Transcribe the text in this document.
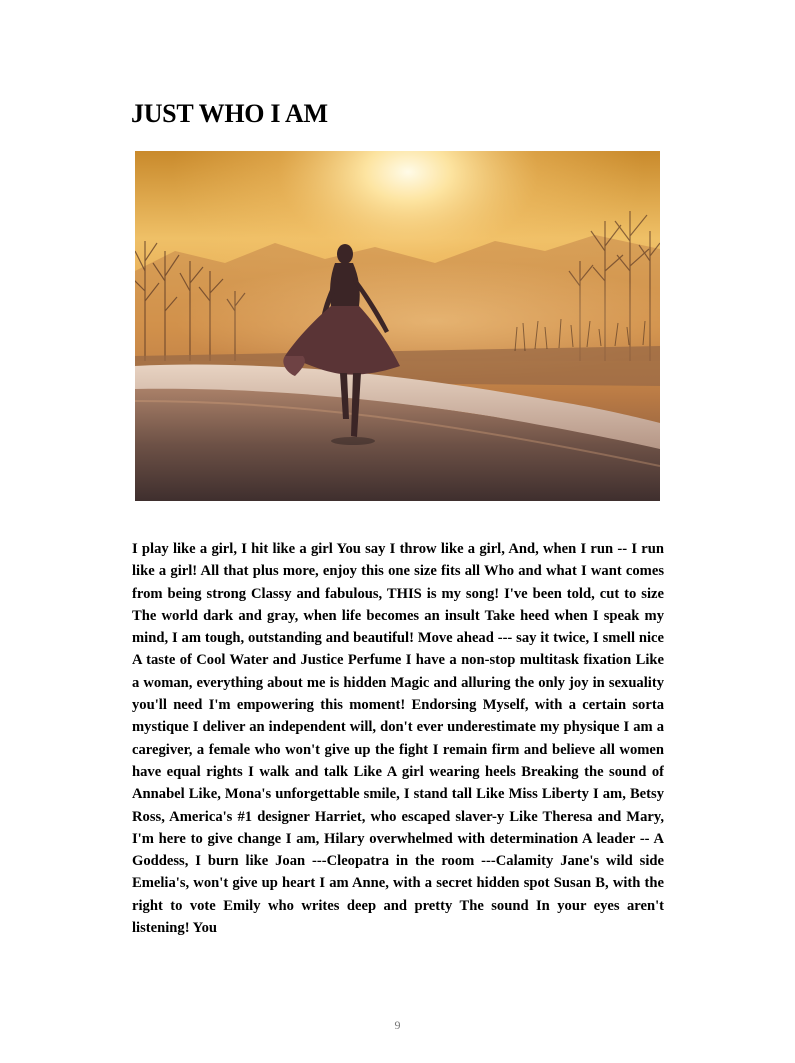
JUST WHO I AM

I play like a girl, I hit like a girl You say I throw like a girl, And, when I run -- I run like a girl! All that plus more, enjoy this one size fits all Who and what I want comes from being strong Classy and fabulous, THIS is my song! I've been told, cut to size The world dark and gray, when life becomes an insult Take heed when I speak my mind, I am tough, outstanding and beautiful! Move ahead --- say it twice, I smell nice A taste of Cool Water and Justice Perfume I have a non-stop multitask fixation Like a woman, everything about me is hidden Magic and alluring the only joy in sexuality you'll need I'm empowering this moment! Endorsing Myself, with a certain sorta mystique I deliver an independent will, don't ever underestimate my physique I am a caregiver, a female who won't give up the fight I remain firm and believe all women have equal rights I walk and talk Like A girl wearing heels Breaking the sound of Annabel Like, Mona's unforgettable smile, I stand tall Like Miss Liberty I am, Betsy Ross, America's #1 designer Harriet, who escaped slaver-y Like Theresa and Mary, I'm here to give change I am, Hilary overwhelmed with determination A leader -- A Goddess, I burn like Joan ---Cleopatra in the room ---Calamity Jane's wild side Emelia's, won't give up heart I am Anne, with a secret hidden spot Susan B, with the right to vote Emily who writes deep and pretty The sound In your eyes aren't listening! You

9
